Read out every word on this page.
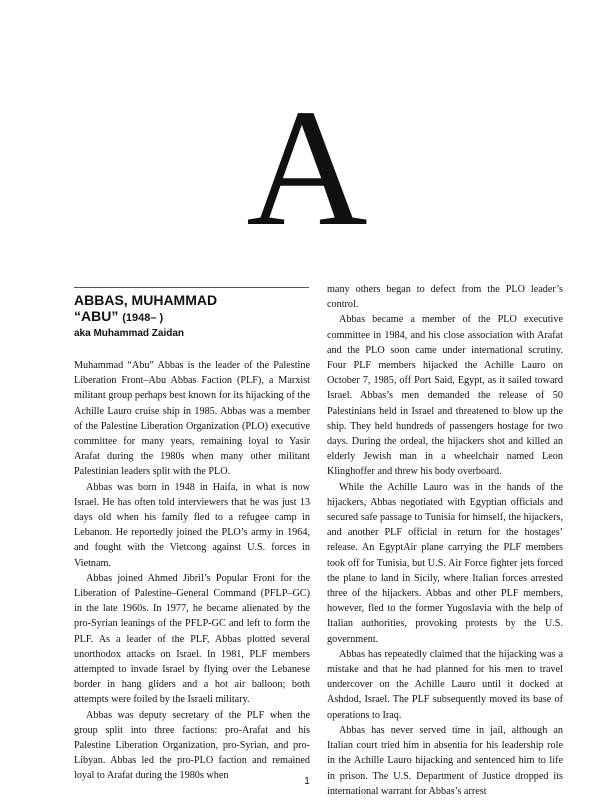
A
ABBAS, MUHAMMAD
“ABU” (1948– )
aka Muhammad Zaidan

Muhammad “Abu” Abbas is the leader of the Palestine Liberation Front–Abu Abbas Faction (PLF), a Marxist militant group perhaps best known for its hijacking of the Achille Lauro cruise ship in 1985. Abbas was a member of the Palestine Liberation Organization (PLO) executive committee for many years, remaining loyal to Yasir Arafat during the 1980s when many other militant Palestinian leaders split with the PLO.

Abbas was born in 1948 in Haifa, in what is now Israel. He has often told interviewers that he was just 13 days old when his family fled to a refugee camp in Lebanon. He reportedly joined the PLO’s army in 1964, and fought with the Vietcong against U.S. forces in Vietnam.

Abbas joined Ahmed Jibril’s Popular Front for the Liberation of Palestine–General Command (PFLP–GC) in the late 1960s. In 1977, he became alienated by the pro-Syrian leanings of the PFLP-GC and left to form the PLF. As a leader of the PLF, Abbas plotted several unorthodox attacks on Israel. In 1981, PLF members attempted to invade Israel by flying over the Lebanese border in hang gliders and a hot air balloon; both attempts were foiled by the Israeli military.

Abbas was deputy secretary of the PLF when the group split into three factions: pro-Arafat and his Palestine Liberation Organization, pro-Syrian, and pro-Libyan. Abbas led the pro-PLO faction and remained loyal to Arafat during the 1980s when

many others began to defect from the PLO leader’s control.

Abbas became a member of the PLO executive committee in 1984, and his close association with Arafat and the PLO soon came under international scrutiny. Four PLF members hijacked the Achille Lauro on October 7, 1985, off Port Said, Egypt, as it sailed toward Israel. Abbas’s men demanded the release of 50 Palestinians held in Israel and threatened to blow up the ship. They held hundreds of passengers hostage for two days. During the ordeal, the hijackers shot and killed an elderly Jewish man in a wheelchair named Leon Klinghoffer and threw his body overboard.

While the Achille Lauro was in the hands of the hijackers, Abbas negotiated with Egyptian officials and secured safe passage to Tunisia for himself, the hijackers, and another PLF official in return for the hostages’ release. An EgyptAir plane carrying the PLF members took off for Tunisia, but U.S. Air Force fighter jets forced the plane to land in Sicily, where Italian forces arrested three of the hijackers. Abbas and other PLF members, however, fled to the former Yugoslavia with the help of Italian authorities, provoking protests by the U.S. government.

Abbas has repeatedly claimed that the hijacking was a mistake and that he had planned for his men to travel undercover on the Achille Lauro until it docked at Ashdod, Israel. The PLF subsequently moved its base of operations to Iraq.

Abbas has never served time in jail, although an Italian court tried him in absentia for his leadership role in the Achille Lauro hijacking and sentenced him to life in prison. The U.S. Department of Justice dropped its international warrant for Abbas’s arrest

1
